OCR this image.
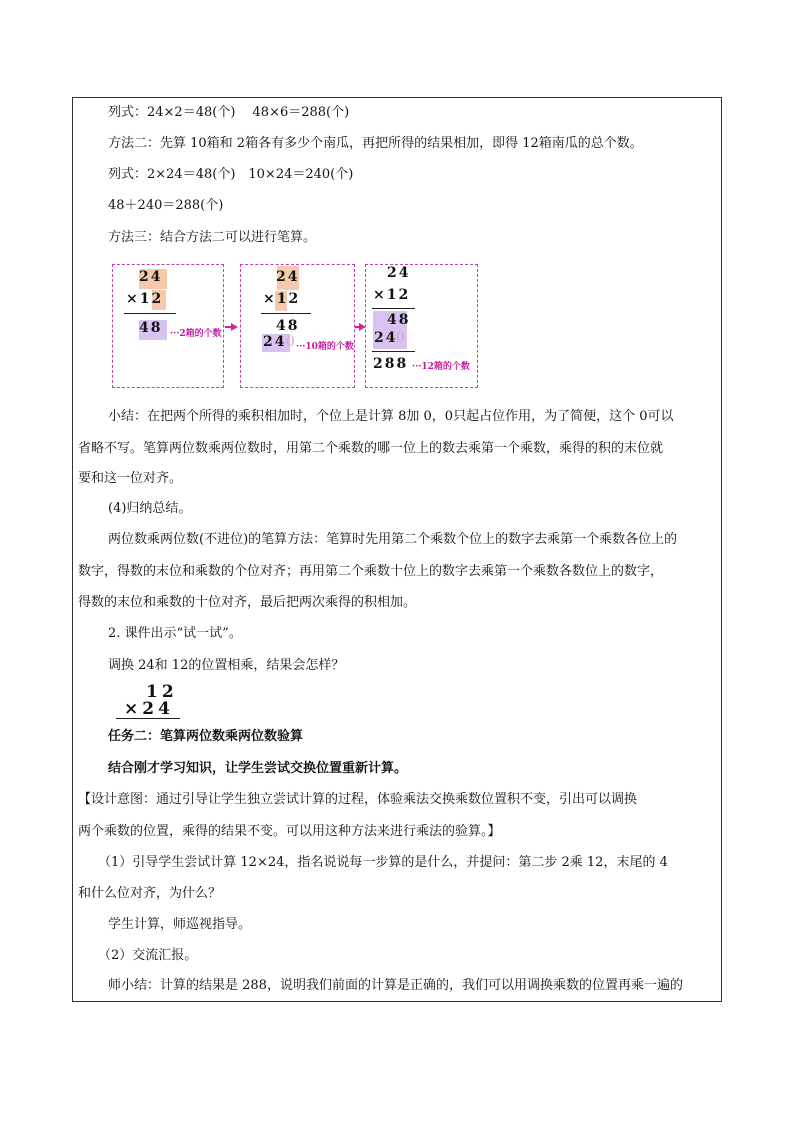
列式：24×2＝48(个)　 48×6＝288(个)
方法二：先算 10箱和 2箱各有多少个南瓜，再把所得的结果相加，即得 12箱南瓜的总个数。
列式：2×24＝48(个)　10×24＝240(个)
48＋240＝288(个)
方法三：结合方法二可以进行笔算。
24
×12
48 ···2箱的个数
24
×12
48
24 0 ···10箱的个数
24
×12
48
24
0
288 ···12箱的个数
小结：在把两个所得的乘积相加时，个位上是计算 8加 0，0只起占位作用，为了简便，这个 0可以
省略不写。笔算两位数乘两位数时，用第二个乘数的哪一位上的数去乘第一个乘数，乘得的积的末位就
要和这一位对齐。
(4)归纳总结。
两位数乘两位数(不进位)的笔算方法：笔算时先用第二个乘数个位上的数字去乘第一个乘数各位上的
数字，得数的末位和乘数的个位对齐；再用第二个乘数十位上的数字去乘第一个乘数各数位上的数字，
得数的末位和乘数的十位对齐，最后把两次乘得的积相加。
2. 课件出示“试一试”。
调换 24和 12的位置相乘，结果会怎样？
12
×24
任务二：笔算两位数乘两位数验算
结合刚才学习知识，让学生尝试交换位置重新计算。
【设计意图：通过引导让学生独立尝试计算的过程，体验乘法交换乘数位置积不变，引出可以调换
两个乘数的位置，乘得的结果不变。可以用这种方法来进行乘法的验算。】
（1）引导学生尝试计算 12×24，指名说说每一步算的是什么，并提问：第二步 2乘 12，末尾的 4
和什么位对齐，为什么？
学生计算，师巡视指导。
（2）交流汇报。
师小结：计算的结果是 288，说明我们前面的计算是正确的，我们可以用调换乘数的位置再乘一遍的
